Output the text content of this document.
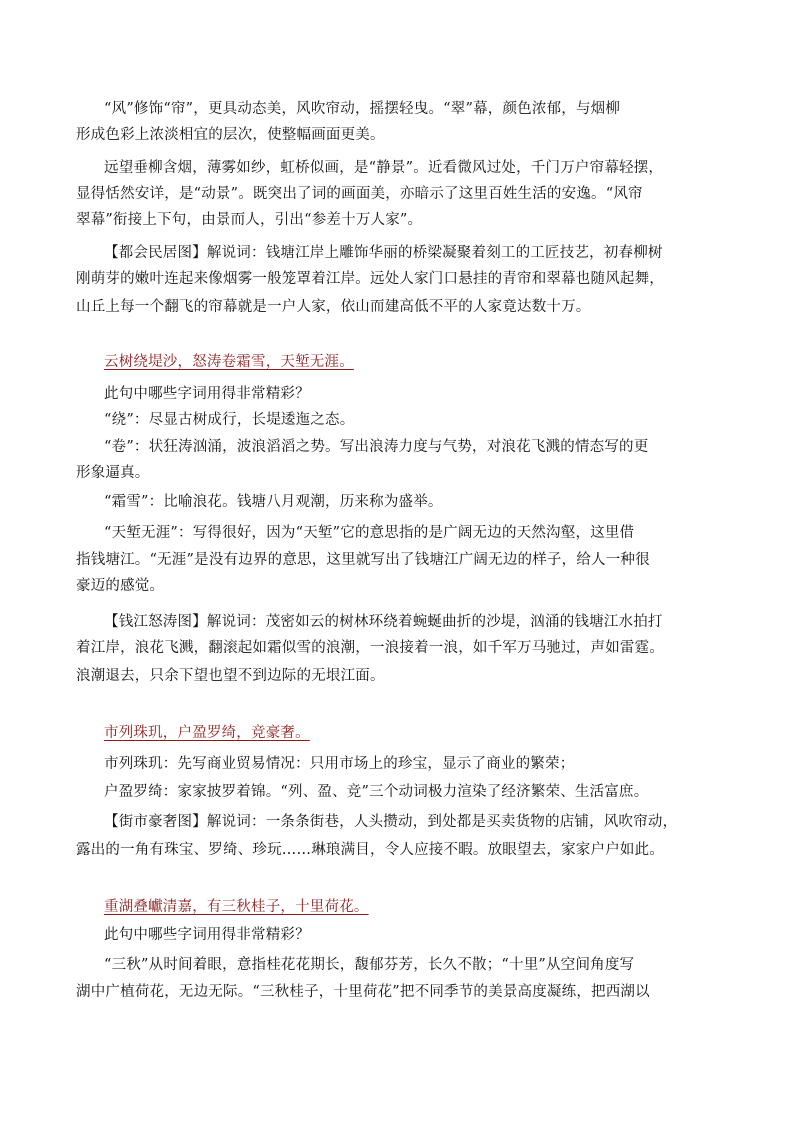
“风”修饰“帘”，更具动态美，风吹帘动，摇摆轻曳。“翠”幕，颜色浓郁，与烟柳
形成色彩上浓淡相宜的层次，使整幅画面更美。
远望垂柳含烟，薄雾如纱，虹桥似画，是“静景”。近看微风过处，千门万户帘幕轻摆，
显得恬然安详，是“动景”。既突出了词的画面美，亦暗示了这里百姓生活的安逸。“风帘
翠幕”衔接上下句，由景而人，引出“参差十万人家”。
【都会民居图】解说词：钱塘江岸上雕饰华丽的桥梁凝聚着刻工的工匠技艺，初春柳树
刚萌芽的嫩叶连起来像烟雾一般笼罩着江岸。远处人家门口悬挂的青帘和翠幕也随风起舞，
山丘上每一个翻飞的帘幕就是一户人家，依山而建高低不平的人家竟达数十万。
云树绕堤沙，怒涛卷霜雪，天堑无涯。
此句中哪些字词用得非常精彩？
“绕”：尽显古树成行，长堤逶迤之态。
“卷”：状狂涛汹涌，波浪滔滔之势。写出浪涛力度与气势，对浪花飞溅的情态写的更
形象逼真。
“霜雪”：比喻浪花。钱塘八月观潮，历来称为盛举。
“天堑无涯”：写得很好，因为“天堑”它的意思指的是广阔无边的天然沟壑，这里借
指钱塘江。“无涯”是没有边界的意思，这里就写出了钱塘江广阔无边的样子，给人一种很
豪迈的感觉。
【钱江怒涛图】解说词：茂密如云的树林环绕着蜿蜒曲折的沙堤，汹涌的钱塘江水拍打
着江岸，浪花飞溅，翻滚起如霜似雪的浪潮，一浪接着一浪，如千军万马驰过，声如雷霆。
浪潮退去，只余下望也望不到边际的无垠江面。
市列珠玑，户盈罗绮，竞豪奢。
市列珠玑：先写商业贸易情况：只用市场上的珍宝，显示了商业的繁荣；
户盈罗绮：家家披罗着锦。“列、盈、竞”三个动词极力渲染了经济繁荣、生活富庶。
【街市豪奢图】解说词：一条条街巷，人头攒动，到处都是买卖货物的店铺，风吹帘动，
露出的一角有珠宝、罗绮、珍玩……琳琅满目，令人应接不暇。放眼望去，家家户户如此。
重湖叠巘清嘉，有三秋桂子，十里荷花。
此句中哪些字词用得非常精彩？
“三秋”从时间着眼，意指桂花花期长，馥郁芬芳，长久不散；“十里”从空间角度写
湖中广植荷花，无边无际。“三秋桂子，十里荷花”把不同季节的美景高度凝练，把西湖以
